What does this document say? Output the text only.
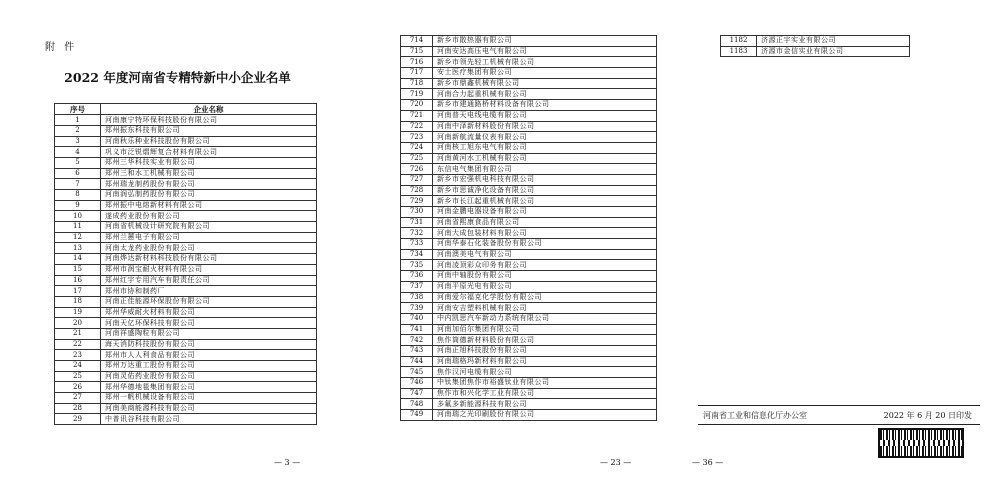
附 件
2022 年度河南省专精特新中小企业名单
序号	企业名称
1	河南康宁特环保科技股份有限公司
2	郑州振东科技有限公司
3	河南秋乐种业科技股份有限公司
4	巩义市泛锐熠辉复合材料有限公司
5	郑州三华科技实业有限公司
6	郑州三和水工机械有限公司
7	郑州瑞龙制药股份有限公司
8	河南润弘制药股份有限公司
9	郑州振中电熔新材料有限公司
10	遂成药业股份有限公司
11	河南省机械设计研究院有限公司
12	郑州兰蕙电子有限公司
13	河南太龙药业股份有限公司
14	河南烨达新材料科技股份有限公司
15	郑州市润宝耐火材料有限公司
16	郑州红宇专用汽车有限责任公司
17	郑州市协和制药厂
18	河南正佳能源环保股份有限公司
19	郑州华威耐火材料有限公司
20	河南天亿环保科技有限公司
21	河南祥盛陶粒有限公司
22	海天消防科技股份有限公司
23	郑州市人人利食品有限公司
24	郑州万达重工股份有限公司
25	河南灵佑药业股份有限公司
26	郑州华德地毯集团有限公司
27	郑州一帆机械设备有限公司
28	河南美商能源科技有限公司
29	中普讯谷科技有限公司
— 3 —
714	新乡市散热器有限公司
715	河南安达高压电气有限公司
716	新乡市领先轻工机械有限公司
717	安士医疗集团有限公司
718	新乡市鼎鑫机械有限公司
719	河南合力起重机械有限公司
720	新乡市建通路桥材料设备有限公司
721	河南普天电线电缆有限公司
722	河南中泽新材料股份有限公司
723	河南新航流量仪表有限公司
724	河南核工旭东电气有限公司
725	河南黄河水工机械有限公司
726	东信电气集团有限公司
727	新乡市宏强机电科技有限公司
728	新乡市思诚净化设备有限公司
729	新乡市长江起重机械有限公司
730	河南金鹏电器设备有限公司
731	河南省熙康食品有限公司
732	河南大成包装材料有限公司
733	河南华泰石化装备股份有限公司
734	河南澳美电气有限公司
735	河南凌顶彩众印务有限公司
736	河南中轴股份有限公司
737	河南平原光电有限公司
738	河南爱尔福克化学股份有限公司
739	河南安吉塑料机械有限公司
740	中内凯思汽车新动力系统有限公司
741	河南加佰尔集团有限公司
742	焦作筒德新材料股份有限公司
743	河南正旭科技股份有限公司
744	河南瑞格玛新材料有限公司
745	焦作汉河电缆有限公司
746	中钛集团焦作市裕盛钛业有限公司
747	焦作市和兴化学工业有限公司
748	多氟多新能源科技有限公司
749	河南瑞之光印刷股份有限公司
— 23 —
1182	济源正宇实业有限公司
1183	济源市金信实业有限公司
河南省工业和信息化厅办公室	2022 年 6 月 20 日印发
— 36 —
